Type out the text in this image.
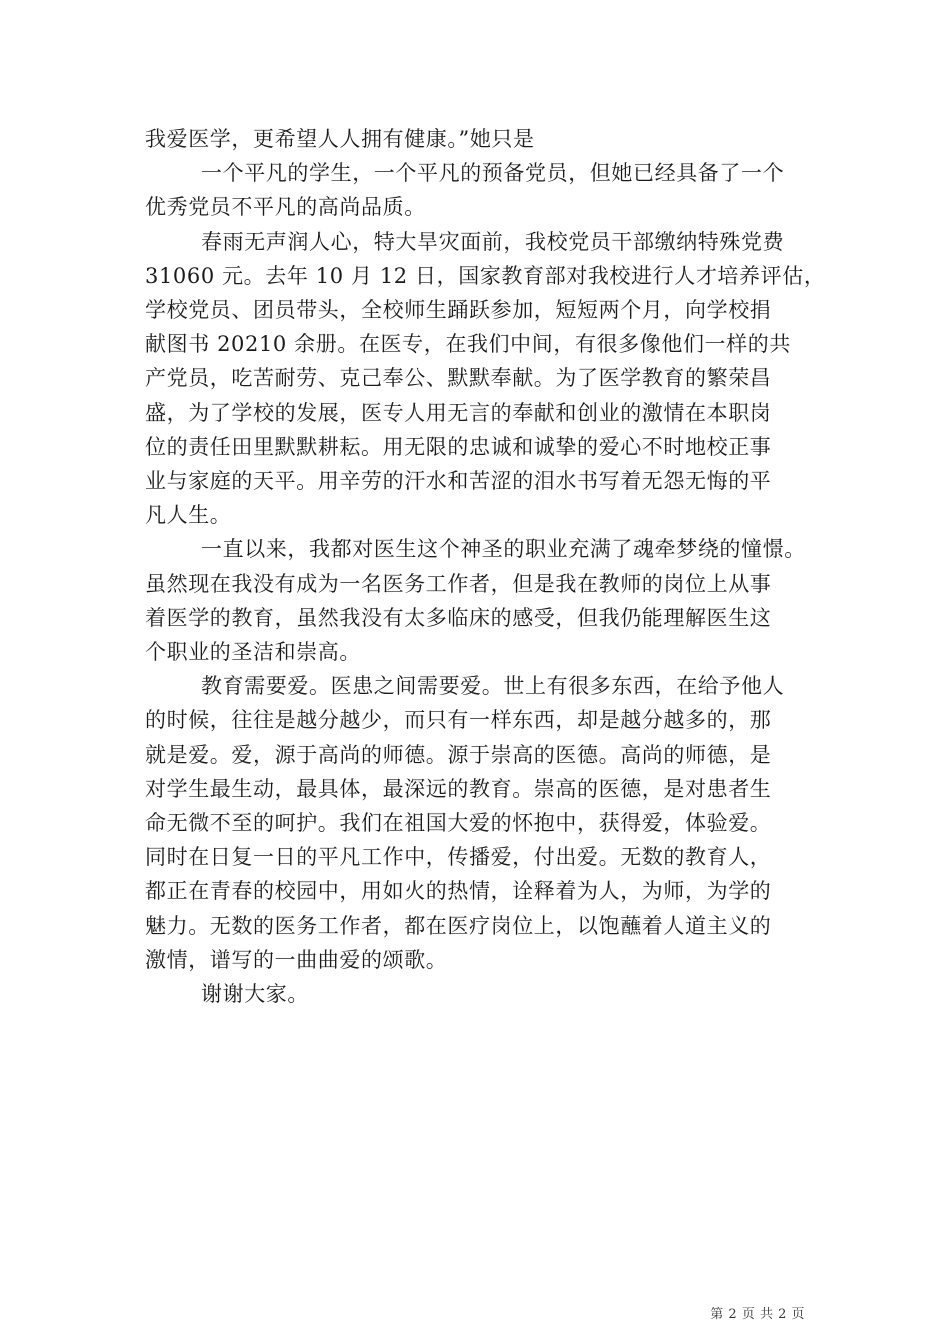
我爱医学，更希望人人拥有健康。”她只是

一个平凡的学生，一个平凡的预备党员，但她已经具备了一个
优秀党员不平凡的高尚品质。

春雨无声润人心，特大旱灾面前，我校党员干部缴纳特殊党费
31060 元。去年 10 月 12 日，国家教育部对我校进行人才培养评估，
学校党员、团员带头，全校师生踊跃参加，短短两个月，向学校捐
献图书 20210 余册。在医专，在我们中间，有很多像他们一样的共
产党员，吃苦耐劳、克己奉公、默默奉献。为了医学教育的繁荣昌
盛，为了学校的发展，医专人用无言的奉献和创业的激情在本职岗
位的责任田里默默耕耘。用无限的忠诚和诚挚的爱心不时地校正事
业与家庭的天平。用辛劳的汗水和苦涩的泪水书写着无怨无悔的平
凡人生。

一直以来，我都对医生这个神圣的职业充满了魂牵梦绕的憧憬。
虽然现在我没有成为一名医务工作者，但是我在教师的岗位上从事
着医学的教育，虽然我没有太多临床的感受，但我仍能理解医生这
个职业的圣洁和崇高。

教育需要爱。医患之间需要爱。世上有很多东西，在给予他人
的时候，往往是越分越少，而只有一样东西，却是越分越多的，那
就是爱。爱，源于高尚的师德。源于崇高的医德。高尚的师德，是
对学生最生动，最具体，最深远的教育。崇高的医德，是对患者生
命无微不至的呵护。我们在祖国大爱的怀抱中，获得爱，体验爱。
同时在日复一日的平凡工作中，传播爱，付出爱。无数的教育人，
都正在青春的校园中，用如火的热情，诠释着为人，为师，为学的
魅力。无数的医务工作者，都在医疗岗位上，以饱蘸着人道主义的
激情，谱写的一曲曲爱的颂歌。

谢谢大家。

第 2 页 共 2 页
